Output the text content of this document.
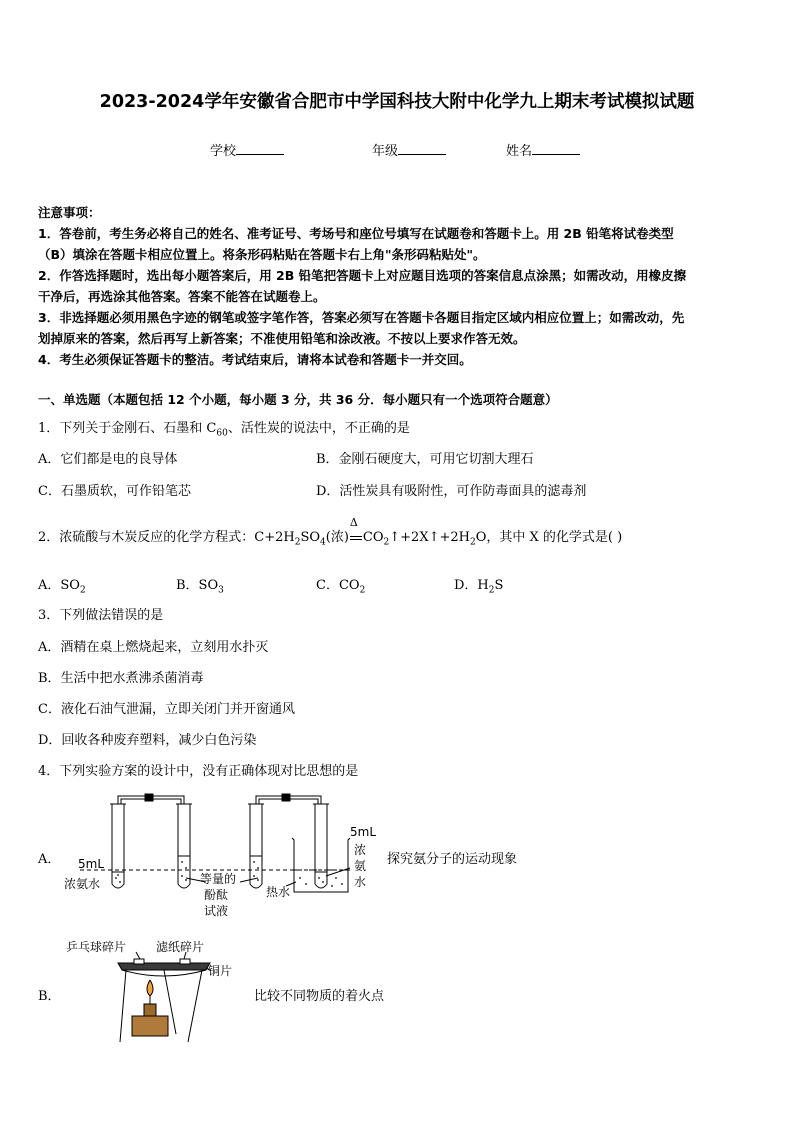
2023-2024学年安徽省合肥市中学国科技大附中化学九上期末考试模拟试题
学校	年级	姓名
注意事项：
1．答卷前，考生务必将自己的姓名、准考证号、考场号和座位号填写在试题卷和答题卡上。用 2B 铅笔将试卷类型
（B）填涂在答题卡相应位置上。将条形码粘贴在答题卡右上角"条形码粘贴处"。
2．作答选择题时，选出每小题答案后，用 2B 铅笔把答题卡上对应题目选项的答案信息点涂黑；如需改动，用橡皮擦
干净后，再选涂其他答案。答案不能答在试题卷上。
3．非选择题必须用黑色字迹的钢笔或签字笔作答，答案必须写在答题卡各题目指定区域内相应位置上；如需改动，先
划掉原来的答案，然后再写上新答案；不准使用铅笔和涂改液。不按以上要求作答无效。
4．考生必须保证答题卡的整洁。考试结束后，请将本试卷和答题卡一并交回。
一、单选题（本题包括 12 个小题，每小题 3 分，共 36 分．每小题只有一个选项符合题意）
1．下列关于金刚石、石墨和 $C_{60}$、活性炭的说法中，不正确的是
A．它们都是电的良导体	B．金刚石硬度大，可用它切割大理石
C．石墨质软，可作铅笔芯	D．活性炭具有吸附性，可作防毒面具的滤毒剂
2．浓硫酸与木炭反应的化学方程式：$C+2H_2SO_4$(浓)
Δ
$CO_2↑+2X↑+2H_2O$，其中 X 的化学式是( )
A．$SO_2$	B．$SO_3$	C．$CO_2$	D．$H_2S$
3．下列做法错误的是
A．酒精在桌上燃烧起来，立刻用水扑灭
B．生活中把水煮沸杀菌消毒
C．液化石油气泄漏，立即关闭门并开窗通风
D．回收各种废弃塑料，减少白色污染
4．下列实验方案的设计中，没有正确体现对比思想的是
A．	探究氨分子的运动现象
5mL
浓氨水	等量的
酚酞
试液
热水
5mL
浓
氨
水
B．	比较不同物质的着火点
乒乓球碎片 滤纸碎片
铜片
